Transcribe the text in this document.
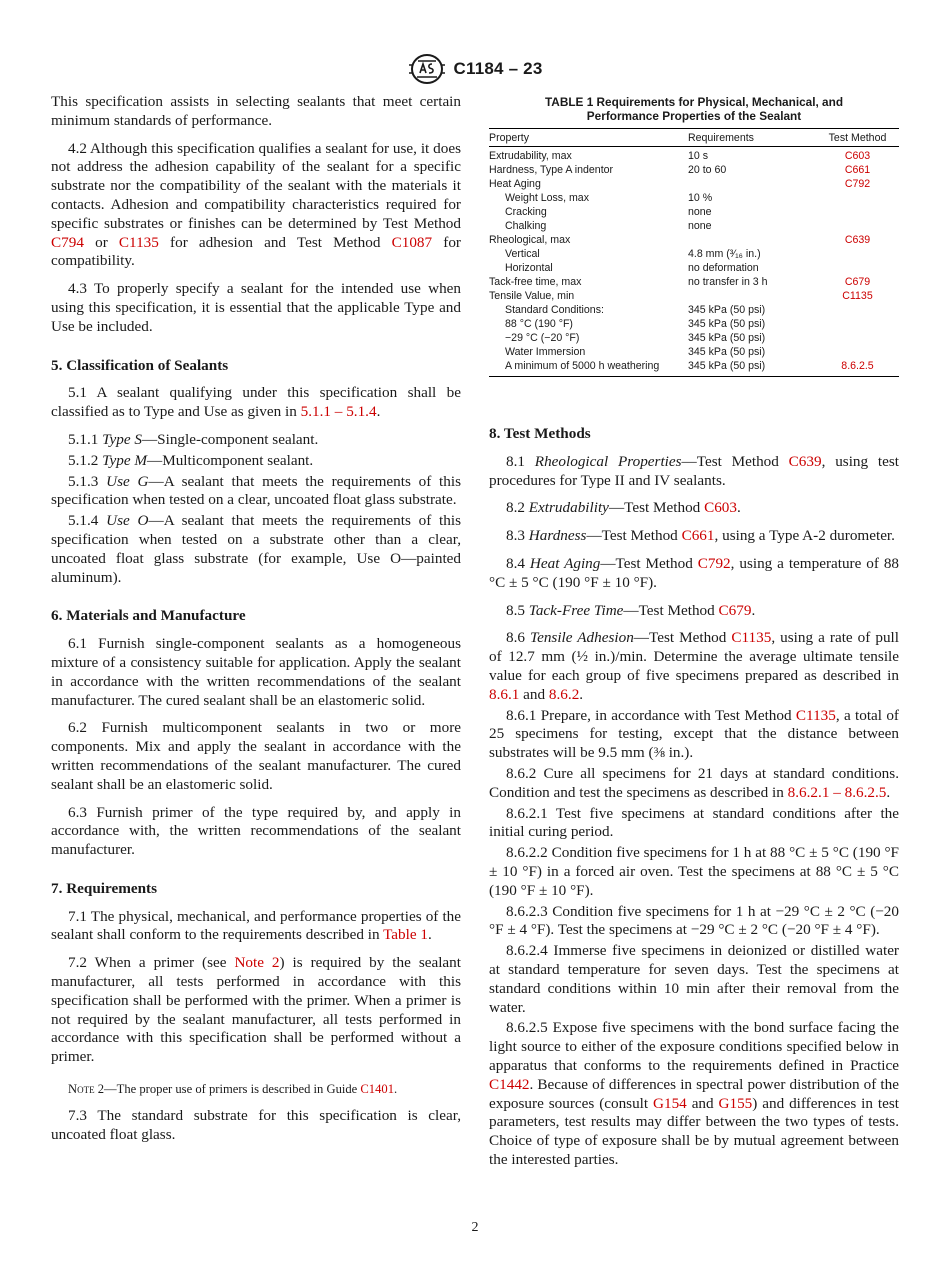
C1184 – 23

This specification assists in selecting sealants that meet certain minimum standards of performance.

4.2 Although this specification qualifies a sealant for use, it does not address the adhesion capability of the sealant for a specific substrate nor the compatibility of the sealant with the materials it contacts. Adhesion and compatibility characteristics required for specific substrates or finishes can be determined by Test Method C794 or C1135 for adhesion and Test Method C1087 for compatibility.

4.3 To properly specify a sealant for the intended use when using this specification, it is essential that the applicable Type and Use be included.

5. Classification of Sealants

5.1 A sealant qualifying under this specification shall be classified as to Type and Use as given in 5.1.1 – 5.1.4.

5.1.1 Type S—Single-component sealant.

5.1.2 Type M—Multicomponent sealant.

5.1.3 Use G—A sealant that meets the requirements of this specification when tested on a clear, uncoated float glass substrate.

5.1.4 Use O—A sealant that meets the requirements of this specification when tested on a substrate other than a clear, uncoated float glass substrate (for example, Use O—painted aluminum).

6. Materials and Manufacture

6.1 Furnish single-component sealants as a homogeneous mixture of a consistency suitable for application. Apply the sealant in accordance with the written recommendations of the sealant manufacturer. The cured sealant shall be an elastomeric solid.

6.2 Furnish multicomponent sealants in two or more components. Mix and apply the sealant in accordance with the written recommendations of the sealant manufacturer. The cured sealant shall be an elastomeric solid.

6.3 Furnish primer of the type required by, and apply in accordance with, the written recommendations of the sealant manufacturer.

7. Requirements

7.1 The physical, mechanical, and performance properties of the sealant shall conform to the requirements described in Table 1.

7.2 When a primer (see Note 2) is required by the sealant manufacturer, all tests performed in accordance with this specification shall be performed with the primer. When a primer is not required by the sealant manufacturer, all tests performed in accordance with this specification shall be performed without a primer.

Note 2—The proper use of primers is described in Guide C1401.

7.3 The standard substrate for this specification is clear, uncoated float glass.

TABLE 1 Requirements for Physical, Mechanical, and
Performance Properties of the Sealant
Property	Requirements	Test Method
Extrudability, max	10 s	C603
Hardness, Type A indentor	20 to 60	C661
Heat Aging		C792
Weight Loss, max	10 %	
Cracking	none	
Chalking	none	
Rheological, max		C639
Vertical	4.8 mm (³⁄₁₆ in.)	
Horizontal	no deformation	
Tack-free time, max	no transfer in 3 h	C679
Tensile Value, min		C1135
Standard Conditions:	345 kPa (50 psi)	
88 °C (190 °F)	345 kPa (50 psi)	
−29 °C (−20 °F)	345 kPa (50 psi)	
Water Immersion	345 kPa (50 psi)	
A minimum of 5000 h weathering	345 kPa (50 psi)	8.6.2.5

8. Test Methods

8.1 Rheological Properties—Test Method C639, using test procedures for Type II and IV sealants.

8.2 Extrudability—Test Method C603.

8.3 Hardness—Test Method C661, using a Type A-2 durometer.

8.4 Heat Aging—Test Method C792, using a temperature of 88 °C ± 5 °C (190 °F ± 10 °F).

8.5 Tack-Free Time—Test Method C679.

8.6 Tensile Adhesion—Test Method C1135, using a rate of pull of 12.7 mm (½ in.)/min. Determine the average ultimate tensile value for each group of five specimens prepared as described in 8.6.1 and 8.6.2.

8.6.1 Prepare, in accordance with Test Method C1135, a total of 25 specimens for testing, except that the distance between substrates will be 9.5 mm (⅜ in.).

8.6.2 Cure all specimens for 21 days at standard conditions. Condition and test the specimens as described in 8.6.2.1 – 8.6.2.5.

8.6.2.1 Test five specimens at standard conditions after the initial curing period.

8.6.2.2 Condition five specimens for 1 h at 88 °C ± 5 °C (190 °F ± 10 °F) in a forced air oven. Test the specimens at 88 °C ± 5 °C (190 °F ± 10 °F).

8.6.2.3 Condition five specimens for 1 h at −29 °C ± 2 °C (−20 °F ± 4 °F). Test the specimens at −29 °C ± 2 °C (−20 °F ± 4 °F).

8.6.2.4 Immerse five specimens in deionized or distilled water at standard temperature for seven days. Test the specimens at standard conditions within 10 min after their removal from the water.

8.6.2.5 Expose five specimens with the bond surface facing the light source to either of the exposure conditions specified below in apparatus that conforms to the requirements defined in Practice C1442. Because of differences in spectral power distribution of the exposure sources (consult G154 and G155) and differences in test parameters, test results may differ between the two types of tests. Choice of type of exposure shall be by mutual agreement between the interested parties.

2
